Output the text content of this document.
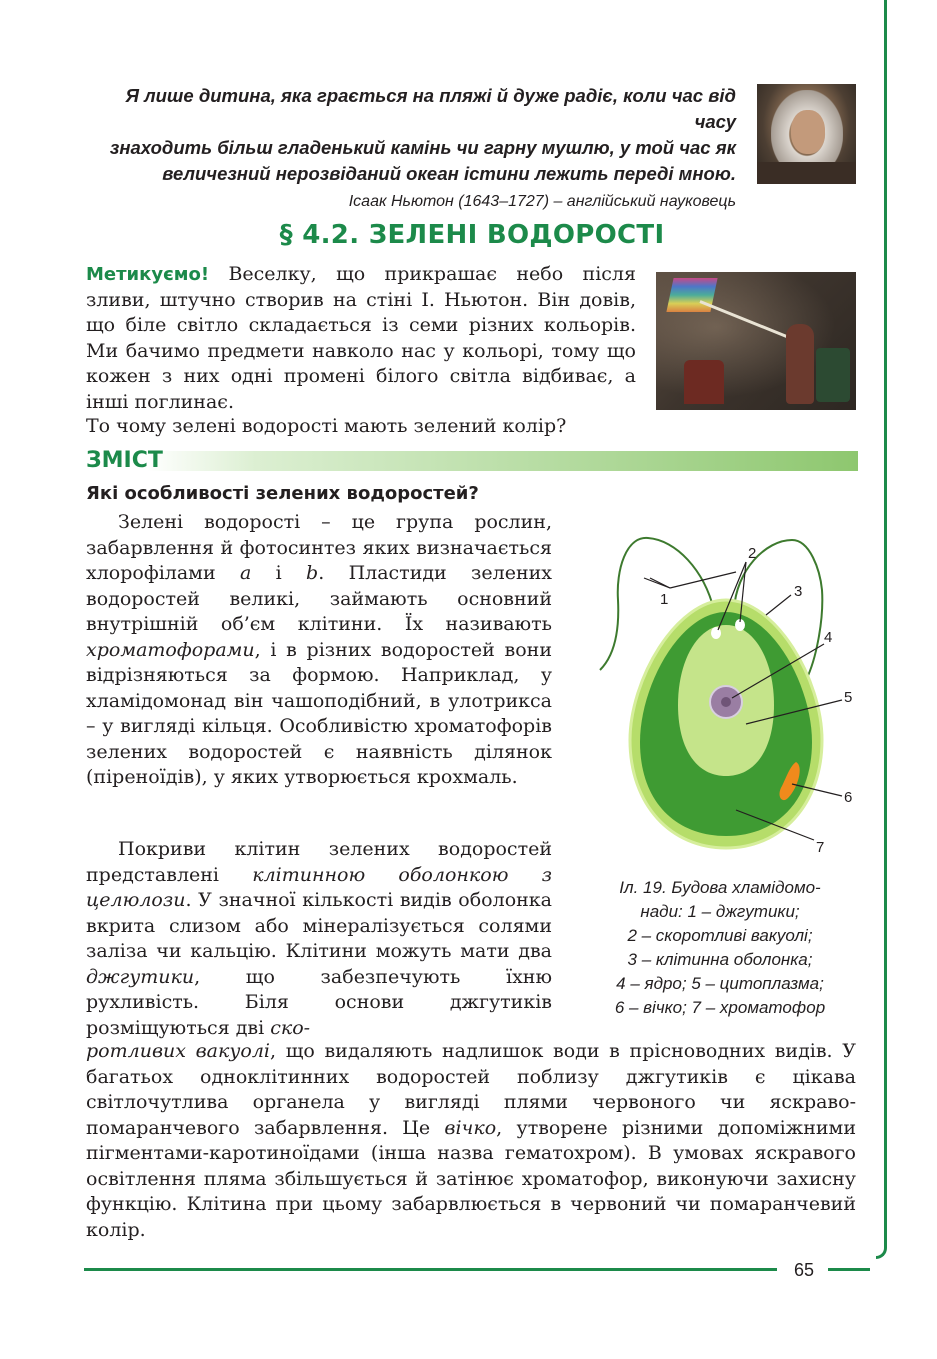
65
Я лише дитина, яка грається на пляжі й дуже радіє, коли час від часу
знаходить більш гладенький камінь чи гарну мушлю, у той час як
величезний нерозвіданий океан істини лежить переді мною.
Ісаак Ньютон (1643–1727) – англійський науковець
§ 4.2. ЗЕЛЕНІ ВОДОРОСТІ
Метикуємо! Веселку, що прикрашає небо після зливи, штучно створив на стіні І. Ньютон. Він довів, що біле світло складається із семи різних кольорів. Ми бачимо предмети навколо нас у кольорі, тому що кожен з них одні промені білого світла відбиває, а інші поглинає.
То чому зелені водорості мають зелений колір?
ЗМІСТ
Які особливості зелених водоростей?
Зелені водорості – це група рослин, забарвлення й фотосинтез яких визначається хлорофілами a і b. Пластиди зелених водоростей великі, займають основний внутрішній об’єм клітини. Їх називають хроматофорами, і в різних водоростей вони відрізняються за формою. Наприклад, у хламідомонад він чашоподібний, в улотрикса – у вигляді кільця. Особливістю хроматофорів зелених водоростей є наявність ділянок (піреноїдів), у яких утворюється крохмаль.
Покриви клітин зелених водоростей представлені клітинною оболонкою з целюлози. У значної кількості видів оболонка вкрита слизом або мінералізується солями заліза чи кальцію. Клітини можуть мати два джгутики, що забезпечують їхню рухливість. Біля основи джгутиків розміщуються дві ско-
ротливих вакуолі, що видаляють надлишок води в прісноводних видів. У багатьох одноклітинних водоростей поблизу джгутиків є цікава світлочутлива органела у вигляді плями червоного чи яскраво-помаранчевого забарвлення. Це вічко, утворене різними допоміжними пігментами-каротиноїдами (інша назва гематохром). В умовах яскравого освітлення пляма збільшується й затінює хроматофор, виконуючи захисну функцію. Клітина при цьому забарвлюється в червоний чи помаранчевий колір.
1
2
3
4
5
6
7
Іл. 19. Будова хламідомо-
нади: 1 – джгутики;
2 – скоротливі вакуолі;
3 – клітинна оболонка;
4 – ядро; 5 – цитоплазма;
6 – вічко; 7 – хроматофор
